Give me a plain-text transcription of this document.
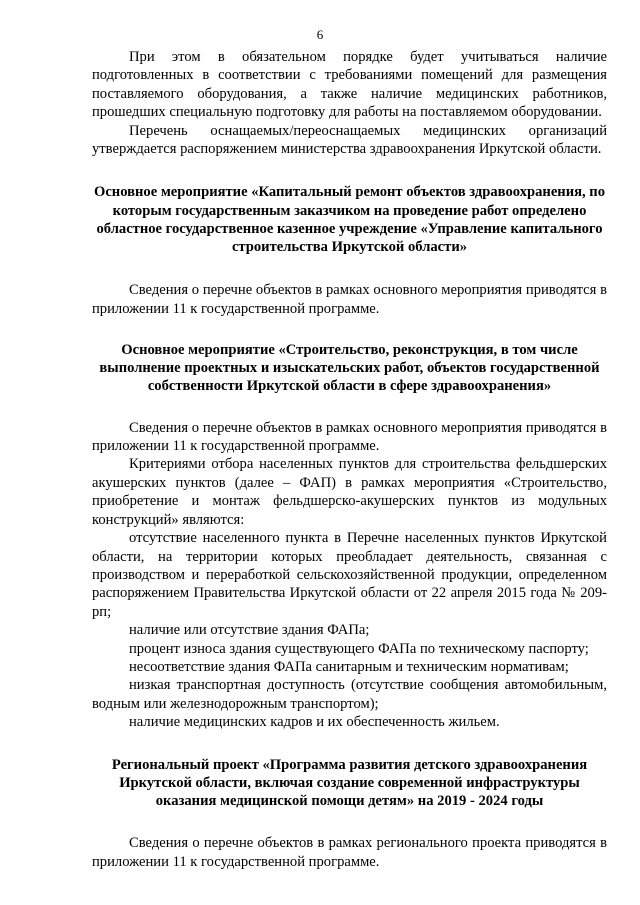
6

При этом в обязательном порядке будет учитываться наличие подготовленных в соответствии с требованиями помещений для размещения поставляемого оборудования, а также наличие медицинских работников, прошедших специальную подготовку для работы на поставляемом оборудовании.

Перечень оснащаемых/переоснащаемых медицинских организаций утверждается распоряжением министерства здравоохранения Иркутской области.

Основное мероприятие «Капитальный ремонт объектов здравоохранения, по которым государственным заказчиком на проведение работ определено областное государственное казенное учреждение «Управление капитального строительства Иркутской области»

Сведения о перечне объектов в рамках основного мероприятия приводятся в приложении 11 к государственной программе.

Основное мероприятие «Строительство, реконструкция, в том числе выполнение проектных и изыскательских работ, объектов государственной собственности Иркутской области в сфере здравоохранения»

Сведения о перечне объектов в рамках основного мероприятия приводятся в приложении 11 к государственной программе.

Критериями отбора населенных пунктов для строительства фельдшерских акушерских пунктов (далее – ФАП) в рамках мероприятия «Строительство, приобретение и монтаж фельдшерско-акушерских пунктов из модульных конструкций» являются:

отсутствие населенного пункта в Перечне населенных пунктов Иркутской области, на территории которых преобладает деятельность, связанная с производством и переработкой сельскохозяйственной продукции, определенном распоряжением Правительства Иркутской области от 22 апреля 2015 года № 209-рп;

наличие или отсутствие здания ФАПа;

процент износа здания существующего ФАПа по техническому паспорту;

несоответствие здания ФАПа санитарным и техническим нормативам;

низкая транспортная доступность (отсутствие сообщения автомобильным, водным или железнодорожным транспортом);

наличие медицинских кадров и их обеспеченность жильем.

Региональный проект «Программа развития детского здравоохранения Иркутской области, включая создание современной инфраструктуры оказания медицинской помощи детям» на 2019 - 2024 годы

Сведения о перечне объектов в рамках регионального проекта приводятся в приложении 11 к государственной программе.
